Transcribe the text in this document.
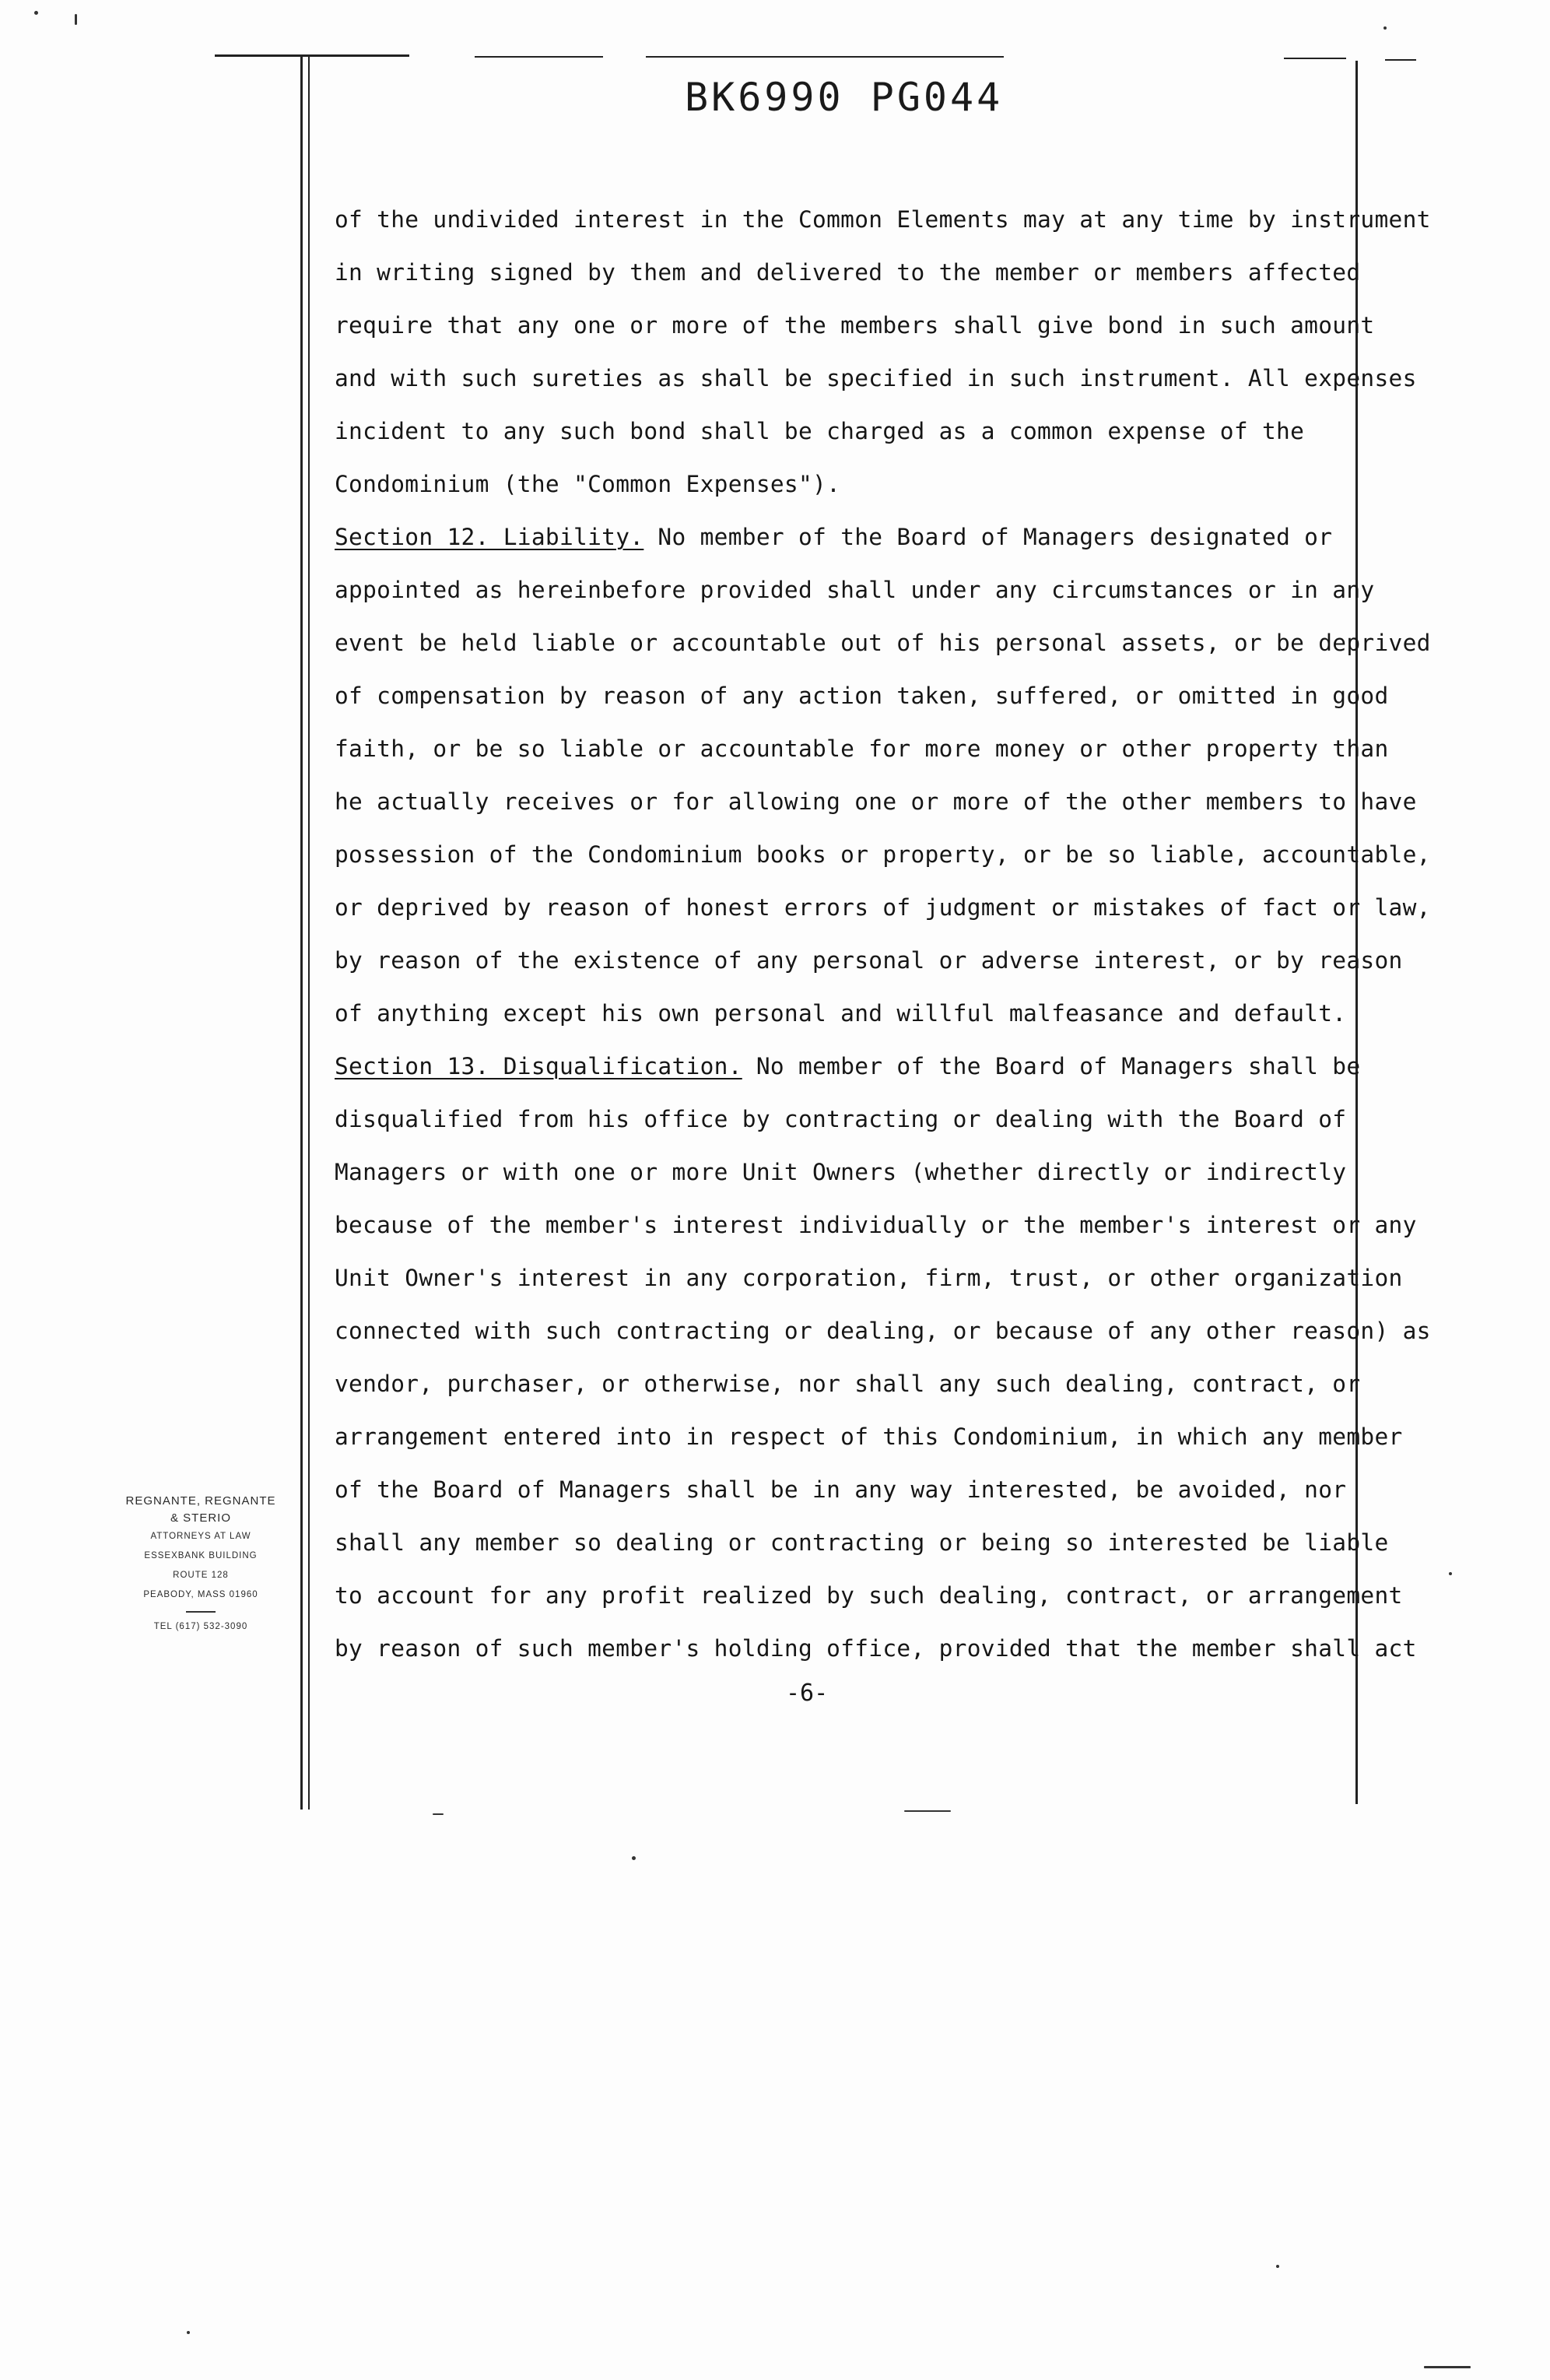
BK6990 PG044
of the undivided interest in the Common Elements may at any time by instrument
in writing signed by them and delivered to the member or members affected
require that any one or more of the members shall give bond in such amount
and with such sureties as shall be specified in such instrument. All expenses
incident to any such bond shall be charged as a common expense of the
Condominium (the "Common Expenses").
Section 12. Liability. No member of the Board of Managers designated or
appointed as hereinbefore provided shall under any circumstances or in any
event be held liable or accountable out of his personal assets, or be deprived
of compensation by reason of any action taken, suffered, or omitted in good
faith, or be so liable or accountable for more money or other property than
he actually receives or for allowing one or more of the other members to have
possession of the Condominium books or property, or be so liable, accountable,
or deprived by reason of honest errors of judgment or mistakes of fact or law,
by reason of the existence of any personal or adverse interest, or by reason
of anything except his own personal and willful malfeasance and default.
Section 13. Disqualification. No member of the Board of Managers shall be
disqualified from his office by contracting or dealing with the Board of
Managers or with one or more Unit Owners (whether directly or indirectly
because of the member's interest individually or the member's interest or any
Unit Owner's interest in any corporation, firm, trust, or other organization
connected with such contracting or dealing, or because of any other reason) as
vendor, purchaser, or otherwise, nor shall any such dealing, contract, or
arrangement entered into in respect of this Condominium, in which any member
of the Board of Managers shall be in any way interested, be avoided, nor
shall any member so dealing or contracting or being so interested be liable
to account for any profit realized by such dealing, contract, or arrangement
by reason of such member's holding office, provided that the member shall act
-6-
REGNANTE, REGNANTE
& STERIO
ATTORNEYS AT LAW
ESSEXBANK BUILDING
ROUTE 128
PEABODY, MASS 01960
TEL (617) 532-3090
